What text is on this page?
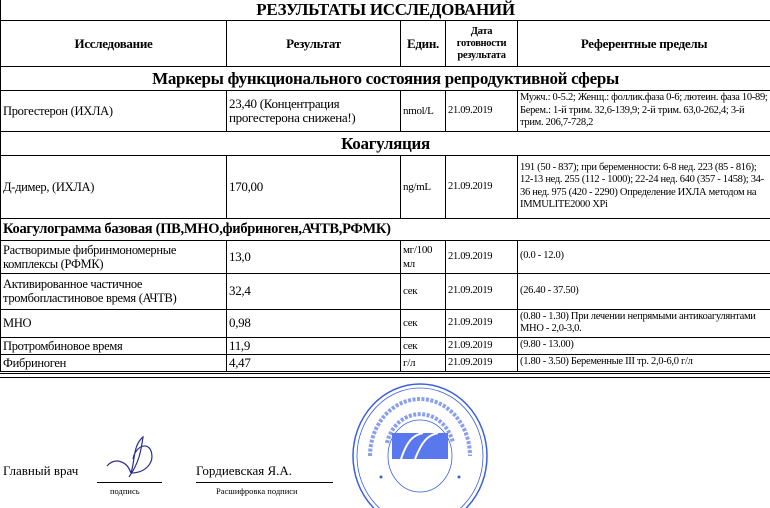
РЕЗУЛЬТАТЫ ИССЛЕДОВАНИЙ				
Исследование	Результат	Един.	Дата готовности результата	Референтные пределы
Маркеры функционального состояния репродуктивной сферы				
Прогестерон (ИХЛА)	23,40 (Концентрация прогестерона снижена!)	nmol/L	21.09.2019	Мужч.: 0-5.2; Женщ.: фоллик.фаза 0-6; лютеин. фаза 10-89; Берем.: 1-й трим. 32,6-139,9; 2-й трим. 63,0-262,4; 3-й трим. 206,7-728,2
Коагуляция				
Д-димер, (ИХЛА)	170,00	ng/mL	21.09.2019	191 (50 - 837); при беременности: 6-8 нед. 223 (85 - 816); 12-13 нед. 255 (112 - 1000); 22-24 нед. 640 (357 - 1458); 34-36 нед. 975 (420 - 2290) Определение ИХЛА методом на IMMULITE2000 XPi
Коагулограмма базовая (ПВ,МНО,фибриноген,АЧТВ,РФМК)				
Растворимые фибринмономерные комплексы (РФМК)	13,0	мг/100 мл	21.09.2019	(0.0 - 12.0)
Активированное частичное тромбопластиновое время (АЧТВ)	32,4	сек	21.09.2019	(26.40 - 37.50)
МНО	0,98	сек	21.09.2019	(0.80 - 1.30) При лечении непрямыми антикоагулянтами МНО - 2,0-3,0.
Протромбиновое время	11,9	сек	21.09.2019	(9.80 - 13.00)
Фибриноген	4,47	г/л	21.09.2019	(1.80 - 3.50) Беременные III тр. 2,0-6,0 г/л
Главный врач
подпись
Гордиевская Я.А.
Расшифровка подписи
